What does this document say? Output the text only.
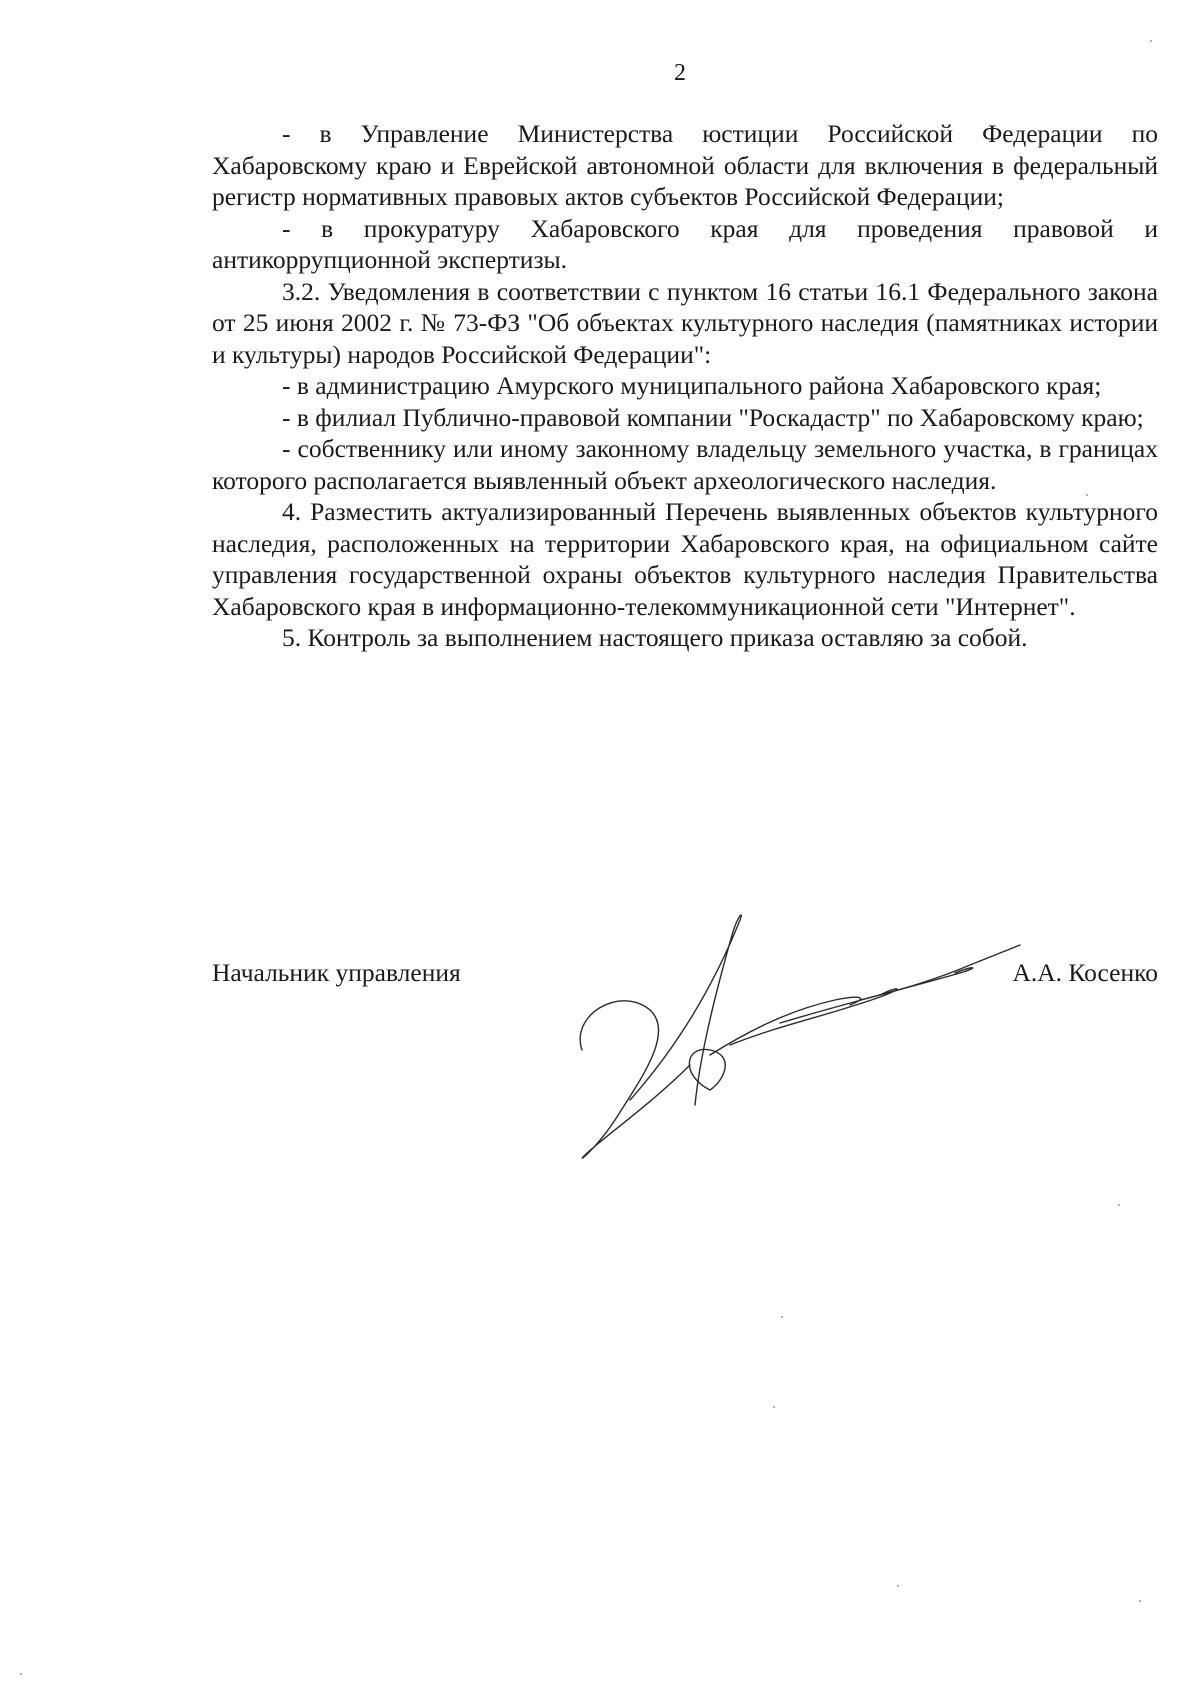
2

- в Управление Министерства юстиции Российской Федерации по Хабаровскому краю и Еврейской автономной области для включения в федеральный регистр нормативных правовых актов субъектов Российской Федерации;

- в прокуратуру Хабаровского края для проведения правовой и антикоррупционной экспертизы.

3.2. Уведомления в соответствии с пунктом 16 статьи 16.1 Федерального закона от 25 июня 2002 г. № 73-ФЗ "Об объектах культурного наследия (памятниках истории и культуры) народов Российской Федерации":

- в администрацию Амурского муниципального района Хабаровского края;

- в филиал Публично-правовой компании "Роскадастр" по Хабаровскому краю;

- собственнику или иному законному владельцу земельного участка, в границах которого располагается выявленный объект археологического наследия.

4. Разместить актуализированный Перечень выявленных объектов культурного наследия, расположенных на территории Хабаровского края, на официальном сайте управления государственной охраны объектов культурного наследия Правительства Хабаровского края в информационно-телекоммуникационной сети "Интернет".

5. Контроль за выполнением настоящего приказа оставляю за собой.

Начальник управления	А.А. Косенко
